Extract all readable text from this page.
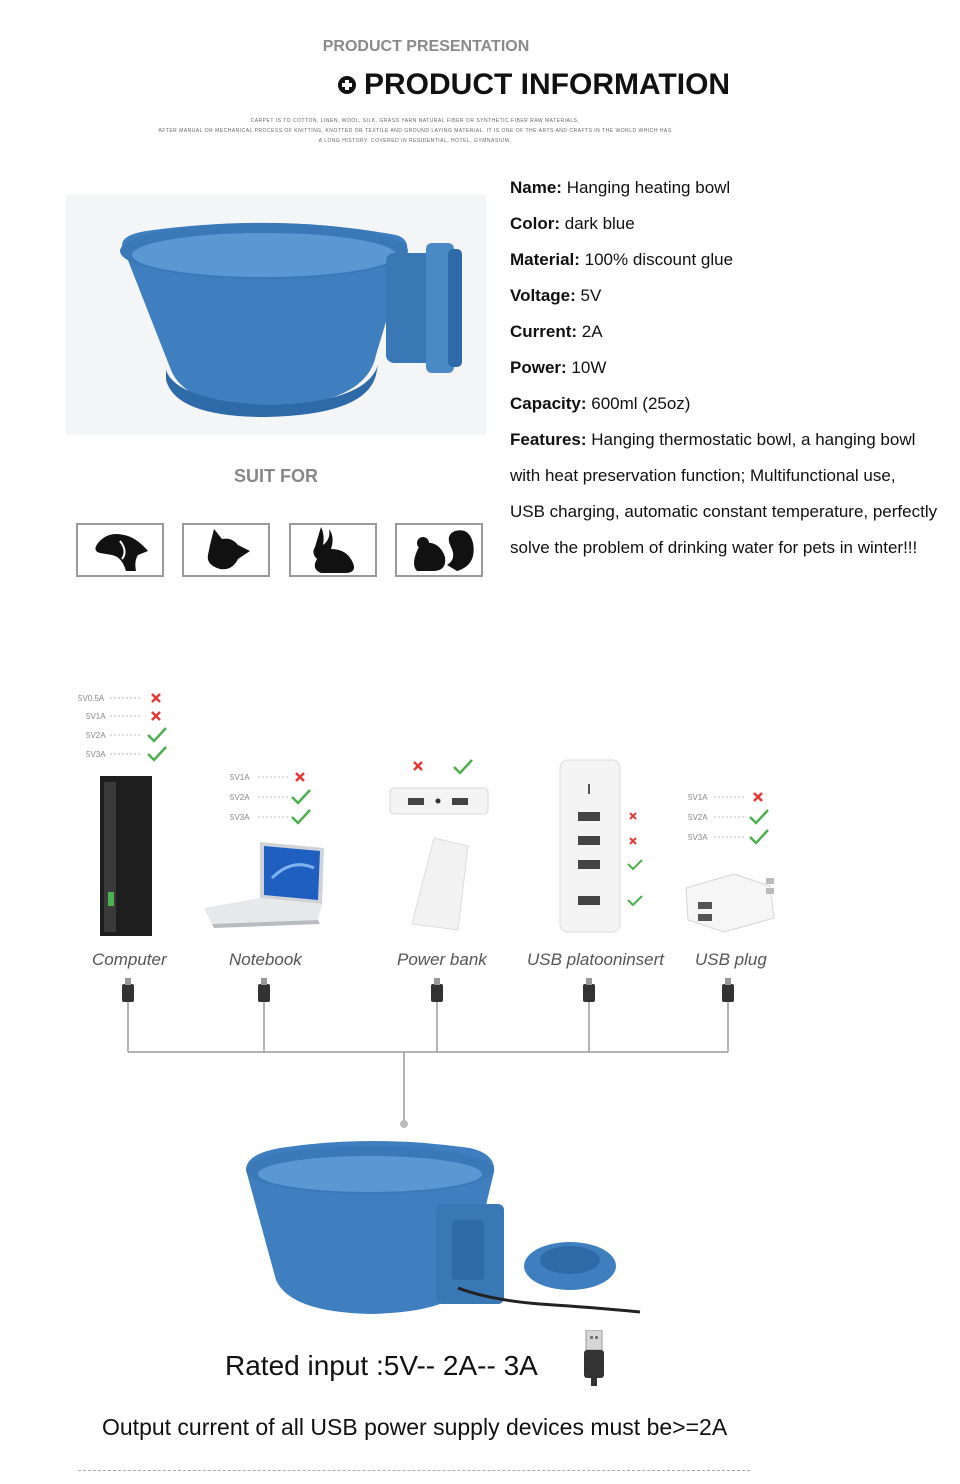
PRODUCT PRESENTATION
PRODUCT INFORMATION
CARPET IS TO COTTON, LINEN, WOOL, SILK, GRASS YARN NATURAL FIBER OR SYNTHETIC FIBER RAW MATERIALS,
AFTER MANUAL OR MECHANICAL PROCESS OF KNITTING, KNOTTED OR TEXTILE AND GROUND LAYING MATERIAL. IT IS ONE OF THE ARTS AND CRAFTS IN THE WORLD WHICH HAS
A LONG HISTORY. COVERED IN RESIDENTIAL, HOTEL, GYMNASIUM,
Name: Hanging heating bowl
Color: dark blue
Material: 100% discount glue
Voltage: 5V
Current: 2A
Power: 10W
Capacity: 600ml (25oz)
Features: Hanging thermostatic bowl, a hanging bowl
with heat preservation function; Multifunctional use,
USB charging, automatic constant temperature, perfectly
solve the problem of drinking water for pets in winter!!!
SUIT FOR
5V0.5A
5V1A
5V2A
5V3A
5V1A
5V2A
5V3A
5V1A
5V2A
5V3A
Computer	Notebook	Power bank USB platooninsert USB plug
Rated input :5V-- 2A-- 3A
Output current of all USB power supply devices must be>=2A
